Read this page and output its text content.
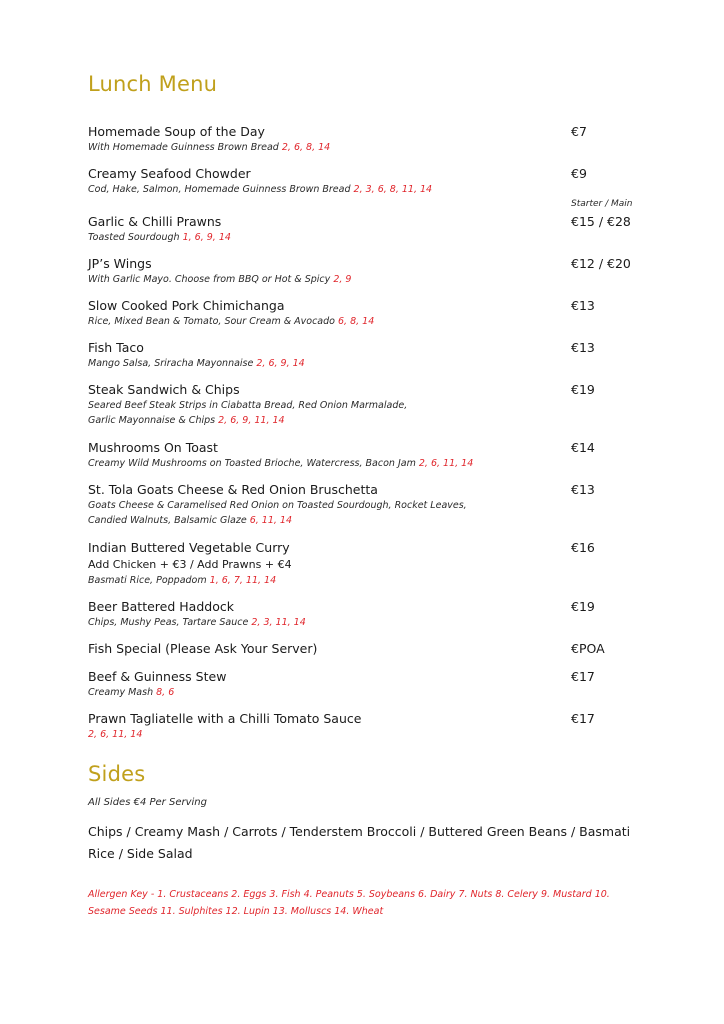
Lunch Menu
Homemade Soup of the Day
With Homemade Guinness Brown Bread 2, 6, 8, 14
€7
Creamy Seafood Chowder
Cod, Hake, Salmon, Homemade Guinness Brown Bread 2, 3, 6, 8, 11, 14
€9
Starter / Main
Garlic & Chilli Prawns
Toasted Sourdough 1, 6, 9, 14
€15 / €28
JP’s Wings
With Garlic Mayo. Choose from BBQ or Hot & Spicy 2, 9
€12 / €20
Slow Cooked Pork Chimichanga
Rice, Mixed Bean & Tomato, Sour Cream & Avocado 6, 8, 14
€13
Fish Taco
Mango Salsa, Sriracha Mayonnaise 2, 6, 9, 14
€13
Steak Sandwich & Chips
Seared Beef Steak Strips in Ciabatta Bread, Red Onion Marmalade,
Garlic Mayonnaise & Chips 2, 6, 9, 11, 14
€19
Mushrooms On Toast
Creamy Wild Mushrooms on Toasted Brioche, Watercress, Bacon Jam 2, 6, 11, 14
€14
St. Tola Goats Cheese & Red Onion Bruschetta
Goats Cheese & Caramelised Red Onion on Toasted Sourdough, Rocket Leaves,
Candied Walnuts, Balsamic Glaze 6, 11, 14
€13
Indian Buttered Vegetable Curry
Add Chicken + €3 / Add Prawns + €4
Basmati Rice, Poppadom 1, 6, 7, 11, 14
€16
Beer Battered Haddock
Chips, Mushy Peas, Tartare Sauce 2, 3, 11, 14
€19
Fish Special (Please Ask Your Server)	€POA
Beef & Guinness Stew
Creamy Mash 8, 6
€17
Prawn Tagliatelle with a Chilli Tomato Sauce
2, 6, 11, 14
€17
Sides
All Sides €4 Per Serving
Chips / Creamy Mash / Carrots / Tenderstem Broccoli / Buttered Green Beans / Basmati Rice / Side Salad
Allergen Key - 1. Crustaceans 2. Eggs 3. Fish 4. Peanuts 5. Soybeans 6. Dairy 7. Nuts 8. Celery 9. Mustard 10. Sesame Seeds 11. Sulphites 12. Lupin 13. Molluscs 14. Wheat
